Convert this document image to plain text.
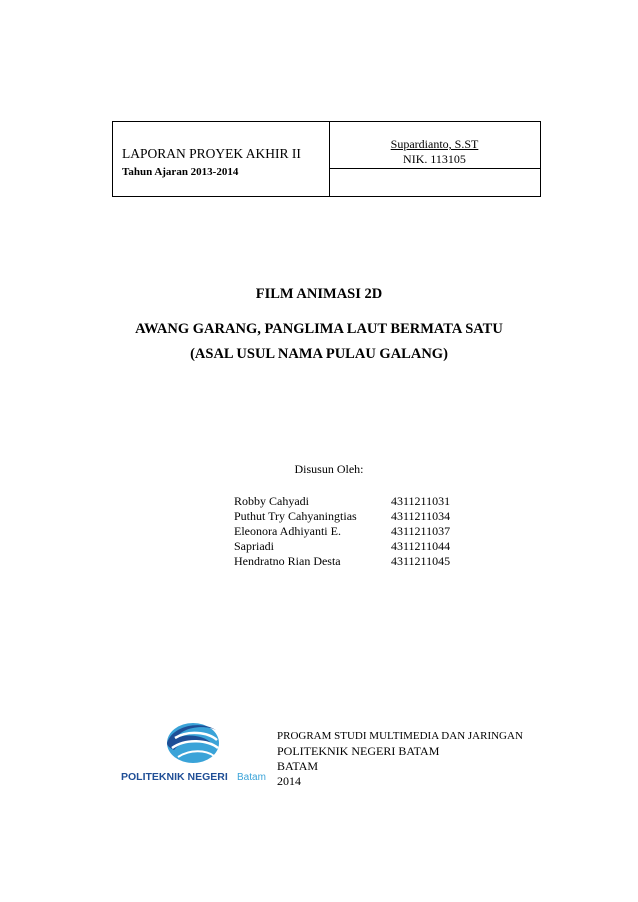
LAPORAN PROYEK AKHIR II
Tahun Ajaran 2013-2014
Supardianto, S.ST
NIK. 113105
FILM ANIMASI 2D
AWANG GARANG, PANGLIMA LAUT BERMATA SATU
(ASAL USUL NAMA PULAU GALANG)
Disusun Oleh:
Robby Cahyadi	4311211031
Puthut Try Cahyaningtias	4311211034
Eleonora Adhiyanti E.	4311211037
Sapriadi	4311211044
Hendratno Rian Desta	4311211045
POLITEKNIK NEGERI Batam
PROGRAM STUDI MULTIMEDIA DAN JARINGAN
POLITEKNIK NEGERI BATAM
BATAM
2014
